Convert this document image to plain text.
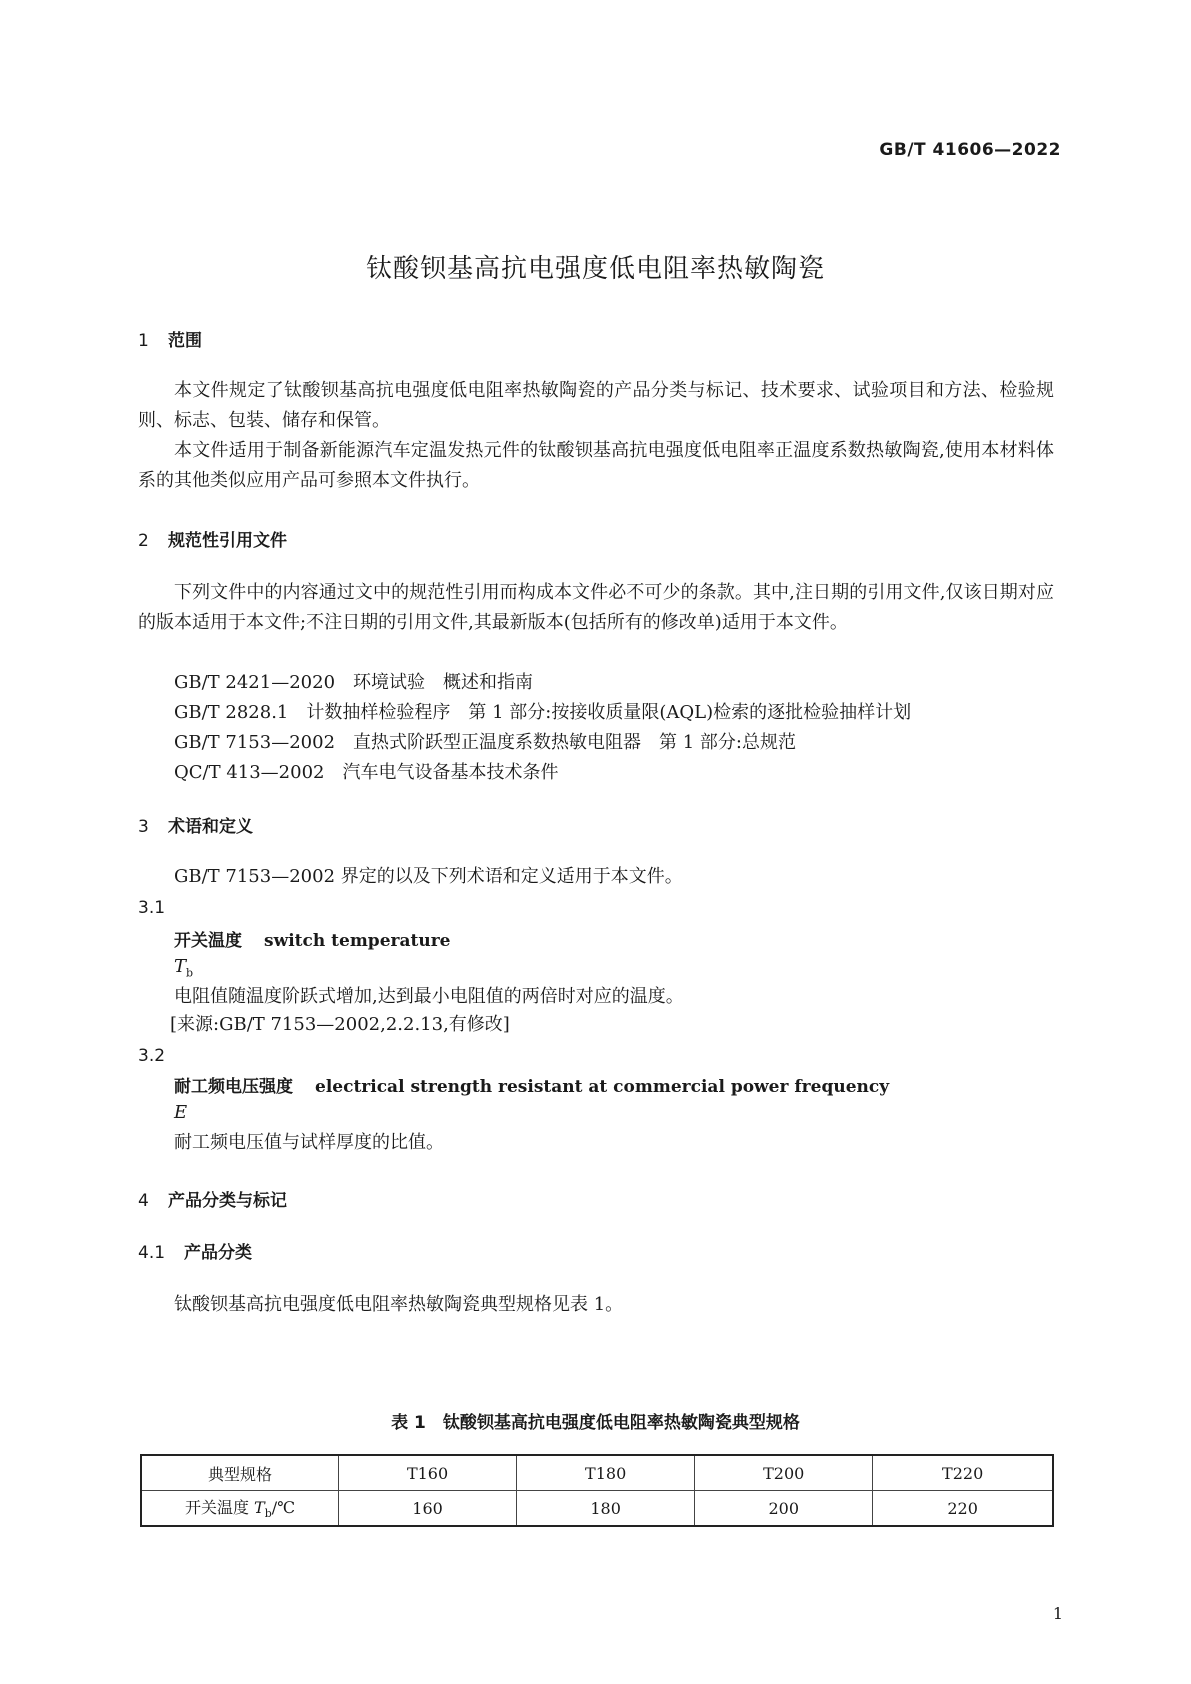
GB/T 41606—2022
钛酸钡基高抗电强度低电阻率热敏陶瓷
1 范围

本文件规定了钛酸钡基高抗电强度低电阻率热敏陶瓷的产品分类与标记、技术要求、试验项目和方法、检验规则、标志、包装、储存和保管。

本文件适用于制备新能源汽车定温发热元件的钛酸钡基高抗电强度低电阻率正温度系数热敏陶瓷,使用本材料体系的其他类似应用产品可参照本文件执行。

2 规范性引用文件

下列文件中的内容通过文中的规范性引用而构成本文件必不可少的条款。其中,注日期的引用文件,仅该日期对应的版本适用于本文件;不注日期的引用文件,其最新版本(包括所有的修改单)适用于本文件。

GB/T 2421—2020　环境试验　概述和指南
GB/T 2828.1　计数抽样检验程序　第 1 部分:按接收质量限(AQL)检索的逐批检验抽样计划
GB/T 7153—2002　直热式阶跃型正温度系数热敏电阻器　第 1 部分:总规范
QC/T 413—2002　汽车电气设备基本技术条件
3 术语和定义
GB/T 7153—2002 界定的以及下列术语和定义适用于本文件。
3.1
开关温度 switch temperature
$T_b$
电阻值随温度阶跃式增加,达到最小电阻值的两倍时对应的温度。
[来源:GB/T 7153—2002,2.2.13,有修改]
3.2
耐工频电压强度 electrical strength resistant at commercial power frequency
E
耐工频电压值与试样厚度的比值。
4 产品分类与标记
4.1 产品分类
钛酸钡基高抗电强度低电阻率热敏陶瓷典型规格见表 1。
表 1　钛酸钡基高抗电强度低电阻率热敏陶瓷典型规格
典型规格	T160	T180	T200	T220
开关温度 $T_b/℃$	160	180	200	220
1
